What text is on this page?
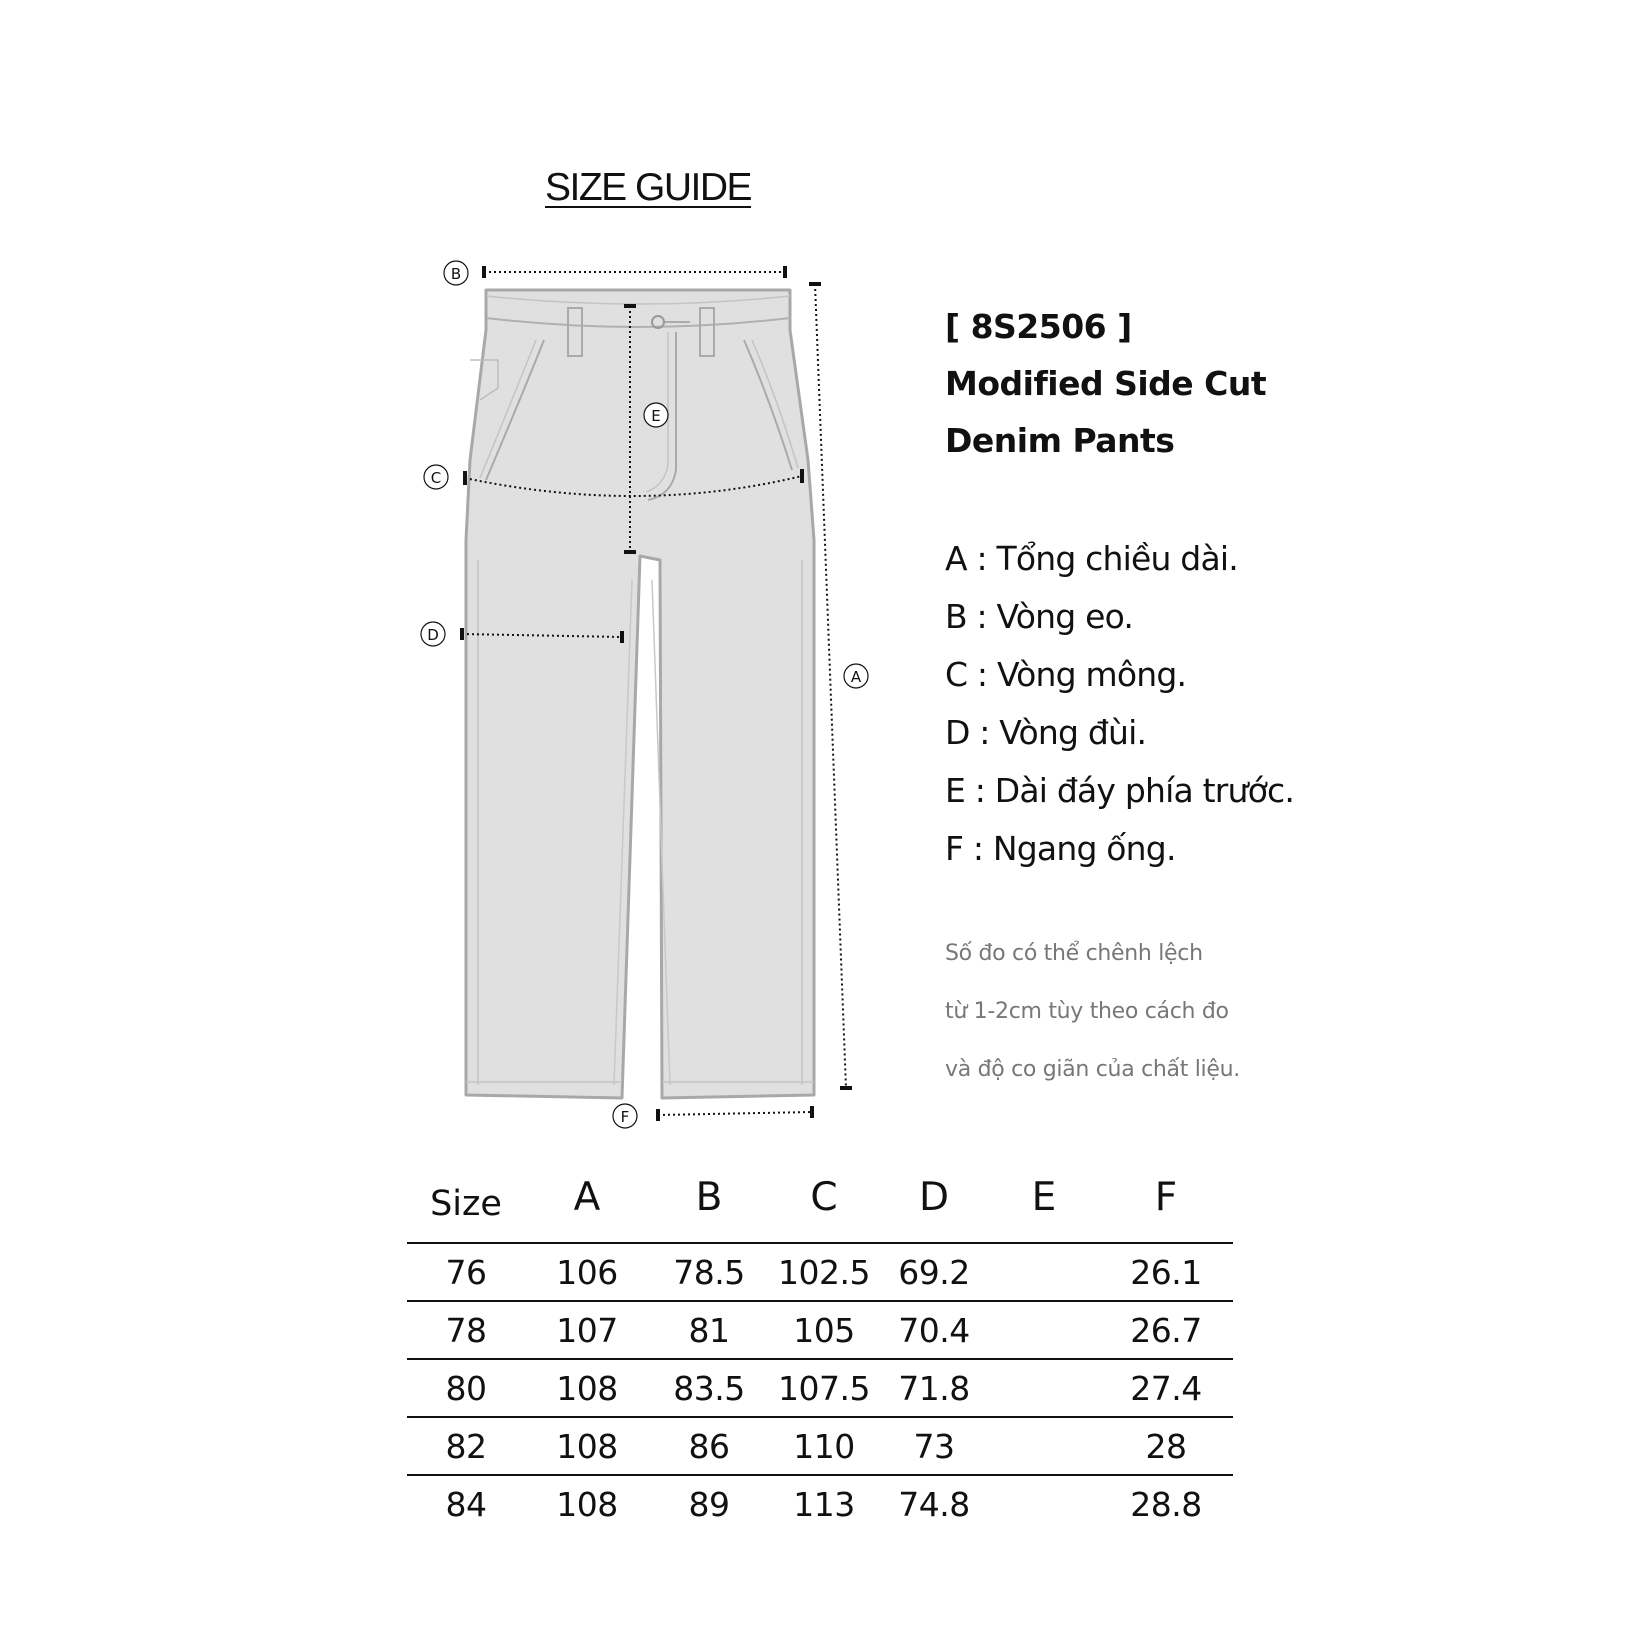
SIZE GUIDE
B
A
C
E
D
F
[ 8S2506 ]
Modified Side Cut
Denim Pants
A : Tổng chiều dài.
B : Vòng eo.
C : Vòng mông.
D : Vòng đùi.
E : Dài đáy phía trước.
F : Ngang ống.
Số đo có thể chênh lệch
từ 1-2cm tùy theo cách đo
và độ co giãn của chất liệu.
Size	A	B	C	D	E	F
76	106	78.5	102.5	69.2		26.1
78	107	81	105	70.4		26.7
80	108	83.5	107.5	71.8		27.4
82	108	86	110	73		28
84	108	89	113	74.8		28.8
